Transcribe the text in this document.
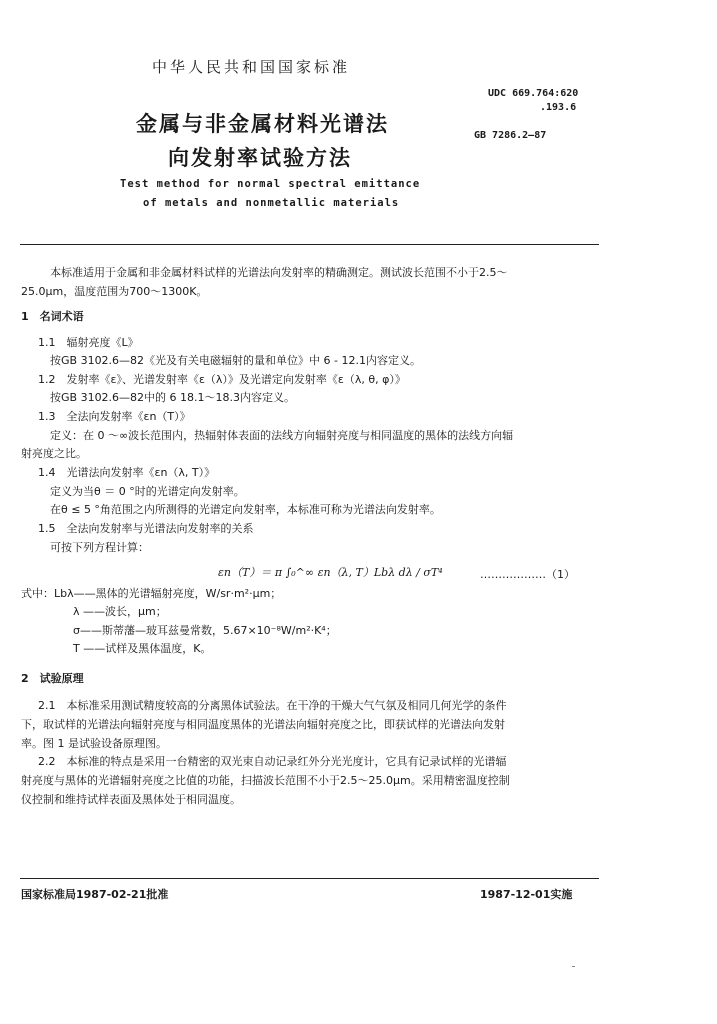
中华人民共和国国家标准
金属与非金属材料光谱法
向发射率试验方法
Test method for normal spectral emittance
of metals and nonmetallic materials
UDC 669.764:620
.193.6
GB 7286.2—87
本标准适用于金属和非金属材料试样的光谱法向发射率的精确测定。测试波长范围不小于2.5～
25.0μm，温度范围为700～1300K。
1　名词术语
1.1　辐射亮度《L》
按GB 3102.6—82《光及有关电磁辐射的量和单位》中 6 - 12.1内容定义。
1.2　发射率《ε》、光谱发射率《ε（λ）》及光谱定向发射率《ε（λ, θ, φ）》
按GB 3102.6—82中的 6 18.1～18.3内容定义。
1.3　全法向发射率《εn（T）》
定义：在 0 ～∞波长范围内，热辐射体表面的法线方向辐射亮度与相同温度的黑体的法线方向辐
射亮度之比。
1.4　光谱法向发射率《εn（λ, T）》
定义为当θ ＝ 0 °时的光谱定向发射率。
在θ ≤ 5 °角范围之内所测得的光谱定向发射率，本标准可称为光谱法向发射率。
1.5　全法向发射率与光谱法向发射率的关系
可按下列方程计算：
εn（T）＝ π ∫₀^∞ εn（λ, T）Lbλ dλ / σT⁴	………………（1）
式中：Lbλ——黑体的光谱辐射亮度，W/sr·m²·μm；
λ ——波长，μm；
σ——斯蒂藩—玻耳兹曼常数，5.67×10⁻⁸W/m²·K⁴；
T ——试样及黑体温度，K。
2　试验原理
2.1　本标准采用测试精度较高的分离黑体试验法。在干净的干燥大气气氛及相同几何光学的条件
下，取试样的光谱法向辐射亮度与相同温度黑体的光谱法向辐射亮度之比，即获试样的光谱法向发射
率。图 1 是试验设备原理图。
2.2　本标准的特点是采用一台精密的双光束自动记录红外分光光度计，它具有记录试样的光谱辐
射亮度与黑体的光谱辐射亮度之比值的功能，扫描波长范围不小于2.5～25.0μm。采用精密温度控制
仪控制和维持试样表面及黑体处于相同温度。
国家标准局1987-02-21批准	1987-12-01实施
